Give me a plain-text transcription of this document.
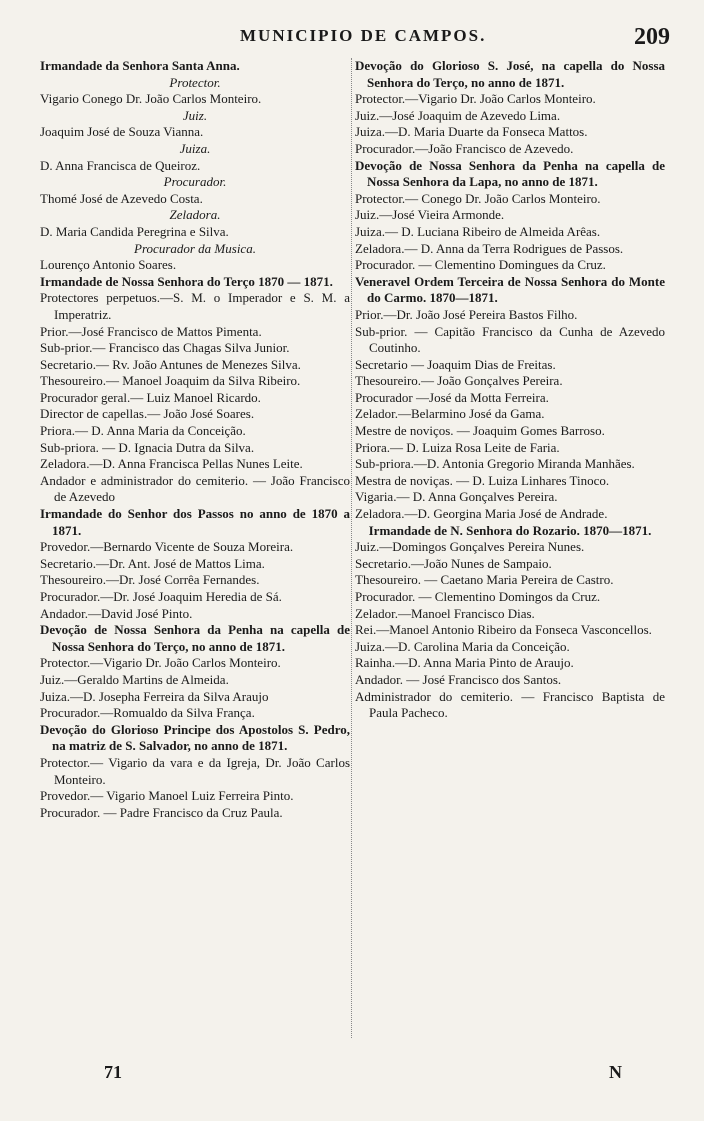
MUNICIPIO DE CAMPOS.	209
Irmandade da Senhora Santa Anna.
Protector.
Vigario Conego Dr. João Carlos Monteiro.
Juiz.
Joaquim José de Souza Vianna.
Juiza.
D. Anna Francisca de Queiroz.
Procurador.
Thomé José de Azevedo Costa.
Zeladora.
D. Maria Candida Peregrina e Silva.
Procurador da Musica.
Lourenço Antonio Soares.
Irmandade de Nossa Senhora do Terço 1870 — 1871.
Protectores perpetuos.—S. M. o Imperador e S. M. a Imperatriz.
Prior.—José Francisco de Mattos Pimenta.
Sub-prior.— Francisco das Chagas Silva Junior.
Secretario.— Rv. João Antunes de Menezes Silva.
Thesoureiro.— Manoel Joaquim da Silva Ribeiro.
Procurador geral.— Luiz Manoel Ricardo.
Director de capellas.— João José Soares.
Priora.— D. Anna Maria da Conceição.
Sub-priora. — D. Ignacia Dutra da Silva.
Zeladora.—D. Anna Francisca Pellas Nunes Leite.
Andador e administrador do cemiterio. — João Francisco de Azevedo
Irmandade do Senhor dos Passos no anno de 1870 a 1871.
Provedor.—Bernardo Vicente de Souza Moreira.
Secretario.—Dr. Ant. José de Mattos Lima.
Thesoureiro.—Dr. José Corrêa Fernandes.
Procurador.—Dr. José Joaquim Heredia de Sá.
Andador.—David José Pinto.
Devoção de Nossa Senhora da Penha na capella de Nossa Senhora do Terço, no anno de 1871.
Protector.—Vigario Dr. João Carlos Monteiro.
Juiz.—Geraldo Martins de Almeida.
Juiza.—D. Josepha Ferreira da Silva Araujo
Procurador.—Romualdo da Silva França.
Devoção do Glorioso Principe dos Apostolos S. Pedro, na matriz de S. Salvador, no anno de 1871.
Protector.— Vigario da vara e da Igreja, Dr. João Carlos Monteiro.
Provedor.— Vigario Manoel Luiz Ferreira Pinto.
Procurador. — Padre Francisco da Cruz Paula.
Devoção do Glorioso S. José, na capella do Nossa Senhora do Terço, no anno de 1871.
Protector.—Vigario Dr. João Carlos Monteiro.
Juiz.—José Joaquim de Azevedo Lima.
Juiza.—D. Maria Duarte da Fonseca Mattos.
Procurador.—João Francisco de Azevedo.
Devoção de Nossa Senhora da Penha na capella de Nossa Senhora da Lapa, no anno de 1871.
Protector.— Conego Dr. João Carlos Monteiro.
Juiz.—José Vieira Armonde.
Juiza.— D. Luciana Ribeiro de Almeida Arêas.
Zeladora.— D. Anna da Terra Rodrigues de Passos.
Procurador. — Clementino Domingues da Cruz.
Veneravel Ordem Terceira de Nossa Senhora do Monte do Carmo. 1870—1871.
Prior.—Dr. João José Pereira Bastos Filho.
Sub-prior. — Capitão Francisco da Cunha de Azevedo Coutinho.
Secretario — Joaquim Dias de Freitas.
Thesoureiro.— João Gonçalves Pereira.
Procurador —José da Motta Ferreira.
Zelador.—Belarmino José da Gama.
Mestre de noviços. — Joaquim Gomes Barroso.
Priora.— D. Luiza Rosa Leite de Faria.
Sub-priora.—D. Antonia Gregorio Miranda Manhães.
Mestra de noviças. — D. Luiza Linhares Tinoco.
Vigaria.— D. Anna Gonçalves Pereira.
Zeladora.—D. Georgina Maria José de Andrade.
Irmandade de N. Senhora do Rozario. 1870—1871.
Juiz.—Domingos Gonçalves Pereira Nunes.
Secretario.—João Nunes de Sampaio.
Thesoureiro. — Caetano Maria Pereira de Castro.
Procurador. — Clementino Domingos da Cruz.
Zelador.—Manoel Francisco Dias.
Rei.—Manoel Antonio Ribeiro da Fonseca Vasconcellos.
Juiza.—D. Carolina Maria da Conceição.
Rainha.—D. Anna Maria Pinto de Araujo.
Andador. — José Francisco dos Santos.
Administrador do cemiterio. — Francisco Baptista de Paula Pacheco.
71	N
